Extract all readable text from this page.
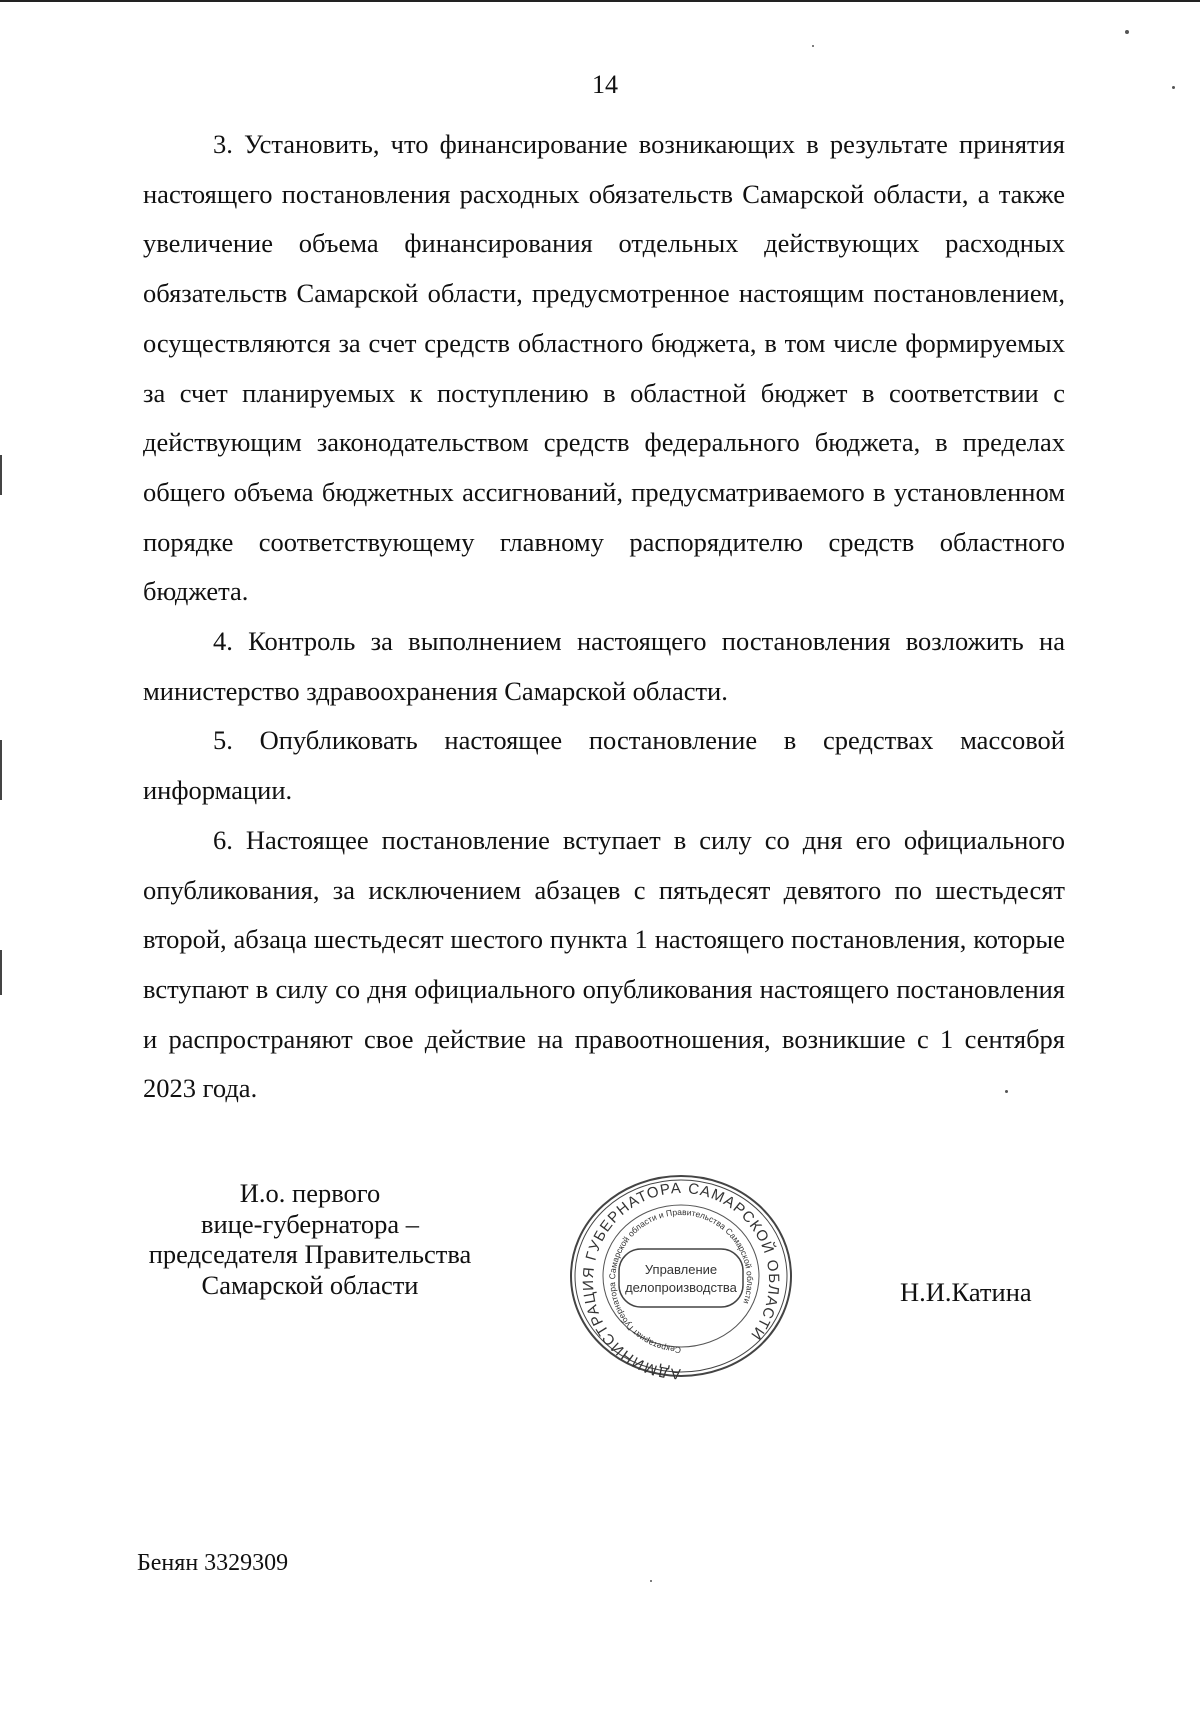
14

3. Установить, что финансирование возникающих в результате принятия настоящего постановления расходных обязательств Самарской области, а также увеличение объема финансирования отдельных действующих расходных обязательств Самарской области, предусмотренное настоящим постановлением, осуществляются за счет средств областного бюджета, в том числе формируемых за счет планируемых к поступлению в областной бюджет в соответствии с действующим законодательством средств федерального бюджета, в пределах общего объема бюджетных ассигнований, предусматриваемого в установленном порядке соответствующему главному распорядителю средств областного бюджета.

4. Контроль за выполнением настоящего постановления возложить на министерство здравоохранения Самарской области.

5. Опубликовать настоящее постановление в средствах массовой информации.

6. Настоящее постановление вступает в силу со дня его официального опубликования, за исключением абзацев с пятьдесят девятого по шестьдесят второй, абзаца шестьдесят шестого пункта 1 настоящего постановления, которые вступают в силу со дня официального опубликования настоящего постановления и распространяют свое действие на правоотношения, возникшие с 1 сентября 2023 года.

И.о. первого
вице-губернатора –
председателя Правительства
Самарской области
АДМИНИСТРАЦИЯ ГУБЕРНАТОРА САМАРСКОЙ ОБЛАСТИ
Секретариат Губернатора Самарской области и Правительства Самарской области
Управление
делопроизводства	Н.И.Катина
Бенян 3329309
